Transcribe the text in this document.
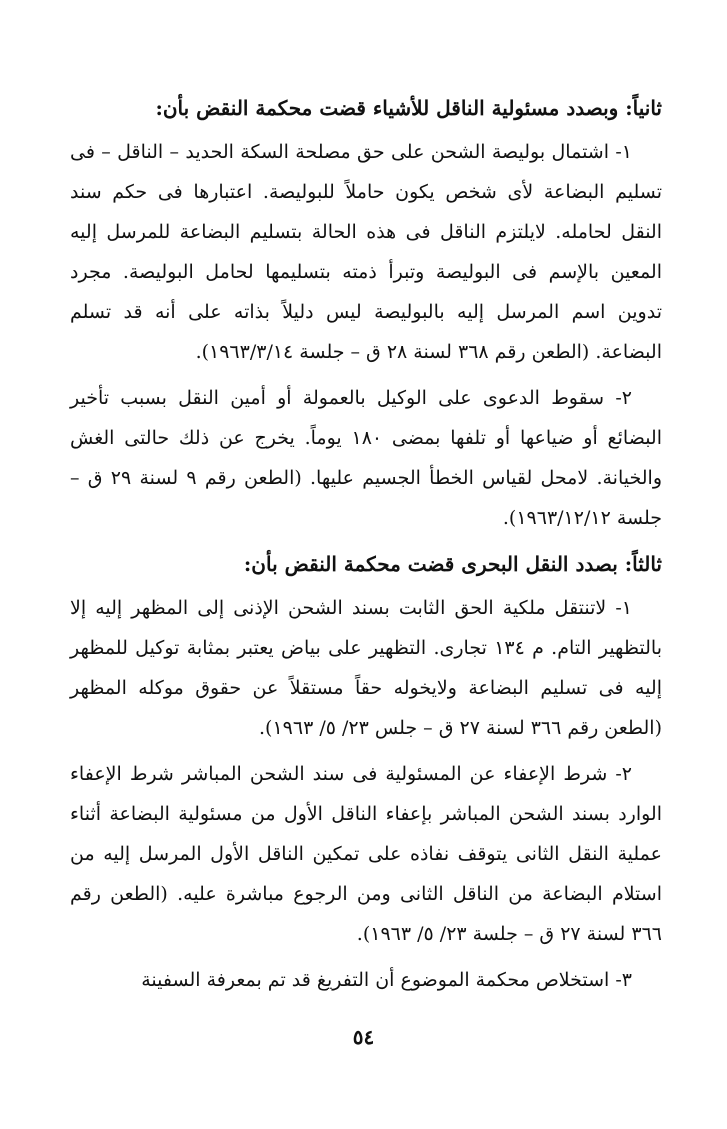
ثانياً: وبصدد مسئولية الناقل للأشياء قضت محكمة النقض بأن:

١- اشتمال بوليصة الشحن على حق مصلحة السكة الحديد – الناقل – فى تسليم البضاعة لأى شخص يكون حاملاً للبوليصة. اعتبارها فى حكم سند النقل لحامله. لايلتزم الناقل فى هذه الحالة بتسليم البضاعة للمرسل إليه المعين بالإسم فى البوليصة وتبرأ ذمته بتسليمها لحامل البوليصة. مجرد تدوين اسم المرسل إليه بالبوليصة ليس دليلاً بذاته على أنه قد تسلم البضاعة. (الطعن رقم ٣٦٨ لسنة ٢٨ ق – جلسة ١٩٦٣/٣/١٤).

٢- سقوط الدعوى على الوكيل بالعمولة أو أمين النقل بسبب تأخير البضائع أو ضياعها أو تلفها بمضى ١٨٠ يوماً. يخرج عن ذلك حالتى الغش والخيانة. لامحل لقياس الخطأ الجسيم عليها. (الطعن رقم ٩ لسنة ٢٩ ق – جلسة ١٩٦٣/١٢/١٢).

ثالثاً: بصدد النقل البحرى قضت محكمة النقض بأن:

١- لاتنتقل ملكية الحق الثابت بسند الشحن الإذنى إلى المظهر إليه إلا بالتظهير التام. م ١٣٤ تجارى. التظهير على بياض يعتبر بمثابة توكيل للمظهر إليه فى تسليم البضاعة ولايخوله حقاً مستقلاً عن حقوق موكله المظهر (الطعن رقم ٣٦٦ لسنة ٢٧ ق – جلس ٢٣/ ٥/ ١٩٦٣).

٢- شرط الإعفاء عن المسئولية فى سند الشحن المباشر شرط الإعفاء الوارد بسند الشحن المباشر بإعفاء الناقل الأول من مسئولية البضاعة أثناء عملية النقل الثانى يتوقف نفاذه على تمكين الناقل الأول المرسل إليه من استلام البضاعة من الناقل الثانى ومن الرجوع مباشرة عليه. (الطعن رقم ٣٦٦ لسنة ٢٧ ق – جلسة ٢٣/ ٥/ ١٩٦٣).

٣- استخلاص محكمة الموضوع أن التفريغ قد تم بمعرفة السفينة

٥٤
